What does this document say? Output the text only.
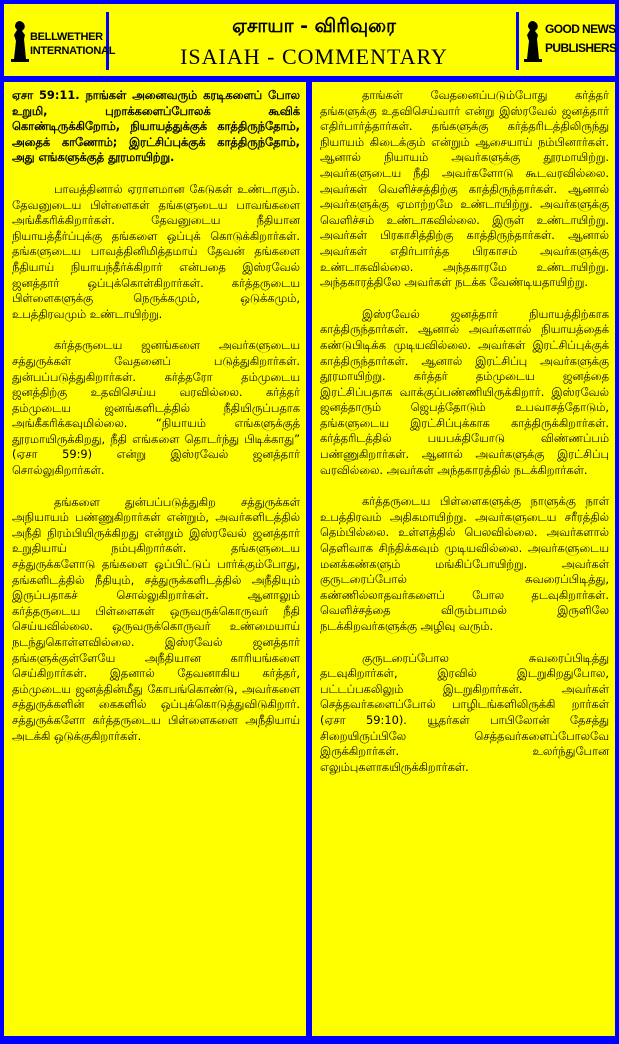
BELLWETHER
INTERNATIONAL
ஏசாயா - விரிவுரை
ISAIAH - COMMENTARY
GOOD NEWS
PUBLISHERS

ஏசா 59:11. நாங்கள் அனைவரும் கரடிகளைப் போல உறுமி, புறாக்களைப்போலக் கூவிக் கொண்டிருக்கிறோம், நியாயத்துக்குக் காத்திருந்தோம், அதைக் காணோம்; இரட்சிப்புக்குக் காத்திருந்தோம், அது எங்களுக்குத் தூரமாயிற்று.

பாவத்தினால் ஏராளமான கேடுகள் உண்டாகும். தேவனுடைய பிள்ளைகள் தங்களுடைய பாவங்களை அங்கீகரிக்கிறார்கள். தேவனுடைய நீதியான நியாயத்தீர்ப்புக்கு தங்களை ஒப்புக் கொடுக்கிறார்கள். தங்களுடைய பாவத்தினிமித்தமாய் தேவன் தங்களை நீதியாய் நியாயந்தீர்க்கிறார் என்பதை இஸ்ரவேல் ஜனத்தார் ஒப்புக்கொள்கிறார்கள். கர்த்தருடைய பிள்ளைகளுக்கு நெருக்கமும், ஒடுக்கமும், உபத்திரவமும் உண்டாயிற்று.

கர்த்தருடைய ஜனங்களை அவர்களுடைய சத்துருக்கள் வேதனைப் படுத்துகிறார்கள். துன்பப்படுத்துகிறார்கள். கர்த்தரோ தம்முடைய ஜனத்திற்கு உதவிசெய்ய வரவில்லை. கர்த்தர் தம்முடைய ஜனங்களிடத்தில் நீதியிருப்பதாக அங்கீகரிக்கவுமில்லை. “நியாயம் எங்களுக்குத் தூரமாயிருக்கிறது, நீதி எங்களை தொடர்ந்து பிடிக்காது” (ஏசா 59:9) என்று இஸ்ரவேல் ஜனத்தார் சொல்லுகிறார்கள்.

தங்களை துன்பப்படுத்துகிற சத்துருக்கள் அநியாயம் பண்ணுகிறார்கள் என்றும், அவர்களிடத்தில் அநீதி நிரம்பியிருக்கிறது என்றும் இஸ்ரவேல் ஜனத்தார் உறுதியாய் நம்புகிறார்கள். தங்களுடைய சத்துருக்களோடு தங்களை ஒப்பிட்டுப் பார்க்கும்போது, தங்களிடத்தில் நீதியும், சத்துருக்களிடத்தில் அநீதியும் இருப்பதாகச் சொல்லுகிறார்கள். ஆனாலும் கர்த்தருடைய பிள்ளைகள் ஒருவருக்கொருவர் நீதி செய்யவில்லை. ஒருவருக்கொருவர் உண்மையாய் நடந்துகொள்ளவில்லை. இஸ்ரவேல் ஜனத்தார் தங்களுக்குள்ளேயே அநீதியான காரியங்களை செய்கிறார்கள். இதனால் தேவனாகிய கர்த்தர், தம்முடைய ஜனத்தின்மீது கோபங்கொண்டு, அவர்களை சத்துருக்களின் கைகளில் ஒப்புக்கொடுத்துவிடுகிறார். சத்துருக்களோ கர்த்தருடைய பிள்ளைகளை அநீதியாய் அடக்கி ஒடுக்குகிறார்கள்.

தாங்கள் வேதனைப்படும்போது கர்த்தர் தங்களுக்கு உதவிசெய்வார் என்று இஸ்ரவேல் ஜனத்தார் எதிர்பார்த்தார்கள். தங்களுக்கு கர்த்தரிடத்திலிருந்து நியாயம் கிடைக்கும் என்றும் ஆசையாய் நம்பினார்கள். ஆனால் நியாயம் அவர்களுக்கு தூரமாயிற்று. அவர்களுடைய நீதி அவர்களோடு கூடவரவில்லை. அவர்கள் வெளிச்சத்திற்கு காத்திருந்தார்கள். ஆனால் அவர்களுக்கு ஏமாற்றமே உண்டாயிற்று. அவர்களுக்கு வெளிச்சம் உண்டாகவில்லை. இருள் உண்டாயிற்று. அவர்கள் பிரகாசித்திற்கு காத்திருந்தார்கள். ஆனால் அவர்கள் எதிர்பார்த்த பிரகாசம் அவர்களுக்கு உண்டாகவில்லை. அந்தகாரமே உண்டாயிற்று. அந்தகாரத்திலே அவர்கள் நடக்க வேண்டியதாயிற்று.

இஸ்ரவேல் ஜனத்தார் நியாயத்திற்காக காத்திருந்தார்கள். ஆனால் அவர்களால் நியாயத்தைக் கண்டுபிடிக்க முடியவில்லை. அவர்கள் இரட்சிப்புக்குக் காத்திருந்தார்கள். ஆனால் இரட்சிப்பு அவர்களுக்கு தூரமாயிற்று. கர்த்தர் தம்முடைய ஜனத்தை இரட்சிப்பதாக வாக்குப்பண்ணியிருக்கிறார். இஸ்ரவேல் ஜனத்தாரும் ஜெபத்தோடும் உபவாசத்தோடும், தங்களுடைய இரட்சிப்புக்காக காத்திருக்கிறார்கள். கர்த்தரிடத்தில் பயபக்தியோடு விண்ணப்பம் பண்ணுகிறார்கள். ஆனால் அவர்களுக்கு இரட்சிப்பு வரவில்லை. அவர்கள் அந்தகாரத்தில் நடக்கிறார்கள்.

கர்த்தருடைய பிள்ளைகளுக்கு நாளுக்கு நாள் உபத்திரவம் அதிகமாயிற்று. அவர்களுடைய சரீரத்தில் தெம்பில்லை. உள்ளத்தில் பெலவில்லை. அவர்களால் தெளிவாக சிந்திக்கவும் முடியவில்லை. அவர்களுடைய மனக்கண்களும் மங்கிப்போயிற்று. அவர்கள் குருடரைப்போல் சுவரைப்பிடித்து, கண்ணில்லாதவர்களைப் போல தடவுகிறார்கள். வெளிச்சத்தை விரும்பாமல் இருளிலே நடக்கிறவர்களுக்கு அழிவு வரும்.

குருடரைப்போல சுவரைப்பிடித்து தடவுகிறார்கள், இரவில் இடறுகிறதுபோல, பட்டப்பகலிலும் இடறுகிறார்கள். அவர்கள் செத்தவர்களைப்போல் பாழிடங்களிலிருக்கி றார்கள் (ஏசா 59:10). யூதர்கள் பாபிலோன் தேசத்து சிறையிருப்பிலே செத்தவர்களைப்போலவே இருக்கிறார்கள். உலர்ந்துபோன எலும்புகளாகயிருக்கிறார்கள்.
